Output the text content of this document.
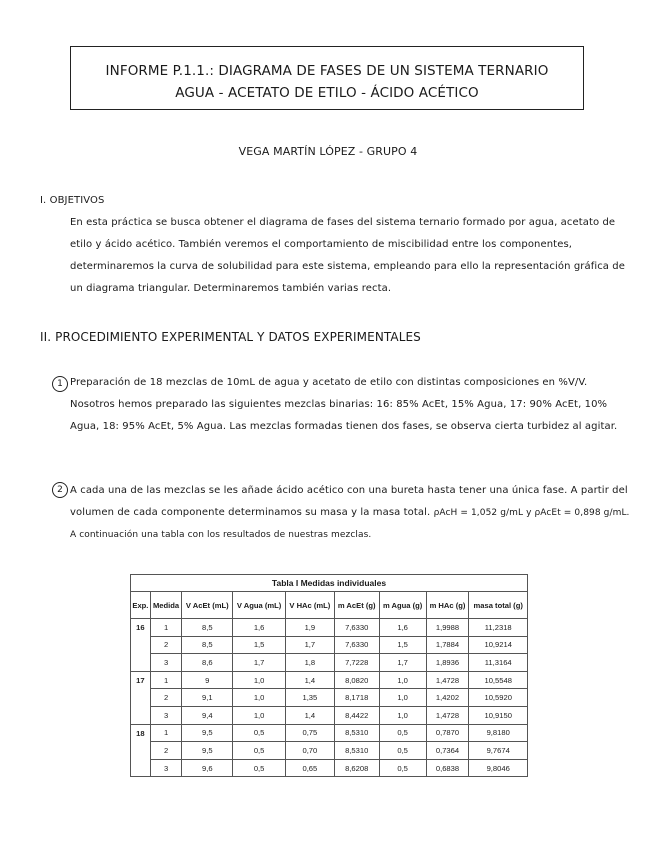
INFORME P.1.1.: DIAGRAMA DE FASES DE UN SISTEMA TERNARIO
AGUA - ACETATO DE ETILO - ÁCIDO ACÉTICO
VEGA MARTÍN LÓPEZ - GRUPO 4
I. OBJETIVOS
En esta práctica se busca obtener el diagrama de fases del sistema ternario formado por agua, acetato de etilo y ácido acético. También veremos el comportamiento de miscibilidad entre los componentes, determinaremos la curva de solubilidad para este sistema, empleando para ello la representación gráfica de un diagrama triangular. Determinaremos también varias recta.
II. PROCEDIMIENTO EXPERIMENTAL Y DATOS EXPERIMENTALES
1 Preparación de 18 mezclas de 10mL de agua y acetato de etilo con distintas composiciones en %V/V. Nosotros hemos preparado las siguientes mezclas binarias: 16: 85% AcEt, 15% Agua, 17: 90% AcEt, 10% Agua, 18: 95% AcEt, 5% Agua. Las mezclas formadas tienen dos fases, se observa cierta turbidez al agitar.
2 A cada una de las mezclas se les añade ácido acético con una bureta hasta tener una única fase. A partir del volumen de cada componente determinamos su masa y la masa total. ρAcH = 1,052 g/mL y ρAcEt = 0,898 g/mL. A continuación una tabla con los resultados de nuestras mezclas.
Tabla I Medidas individuales								
Exp.	Medida	V AcEt (mL)	V Agua (mL)	V HAc (mL)	m AcEt (g)	m Agua (g)	m HAc (g)	masa total (g)
16	1	8,5	1,6	1,9	7,6330	1,6	1,9988	11,2318
	2	8,5	1,5	1,7	7,6330	1,5	1,7884	10,9214
	3	8,6	1,7	1,8	7,7228	1,7	1,8936	11,3164
17	1	9	1,0	1,4	8,0820	1,0	1,4728	10,5548
	2	9,1	1,0	1,35	8,1718	1,0	1,4202	10,5920
	3	9,4	1,0	1,4	8,4422	1,0	1,4728	10,9150
18	1	9,5	0,5	0,75	8,5310	0,5	0,7870	9,8180
	2	9,5	0,5	0,70	8,5310	0,5	0,7364	9,7674
	3	9,6	0,5	0,65	8,6208	0,5	0,6838	9,8046
